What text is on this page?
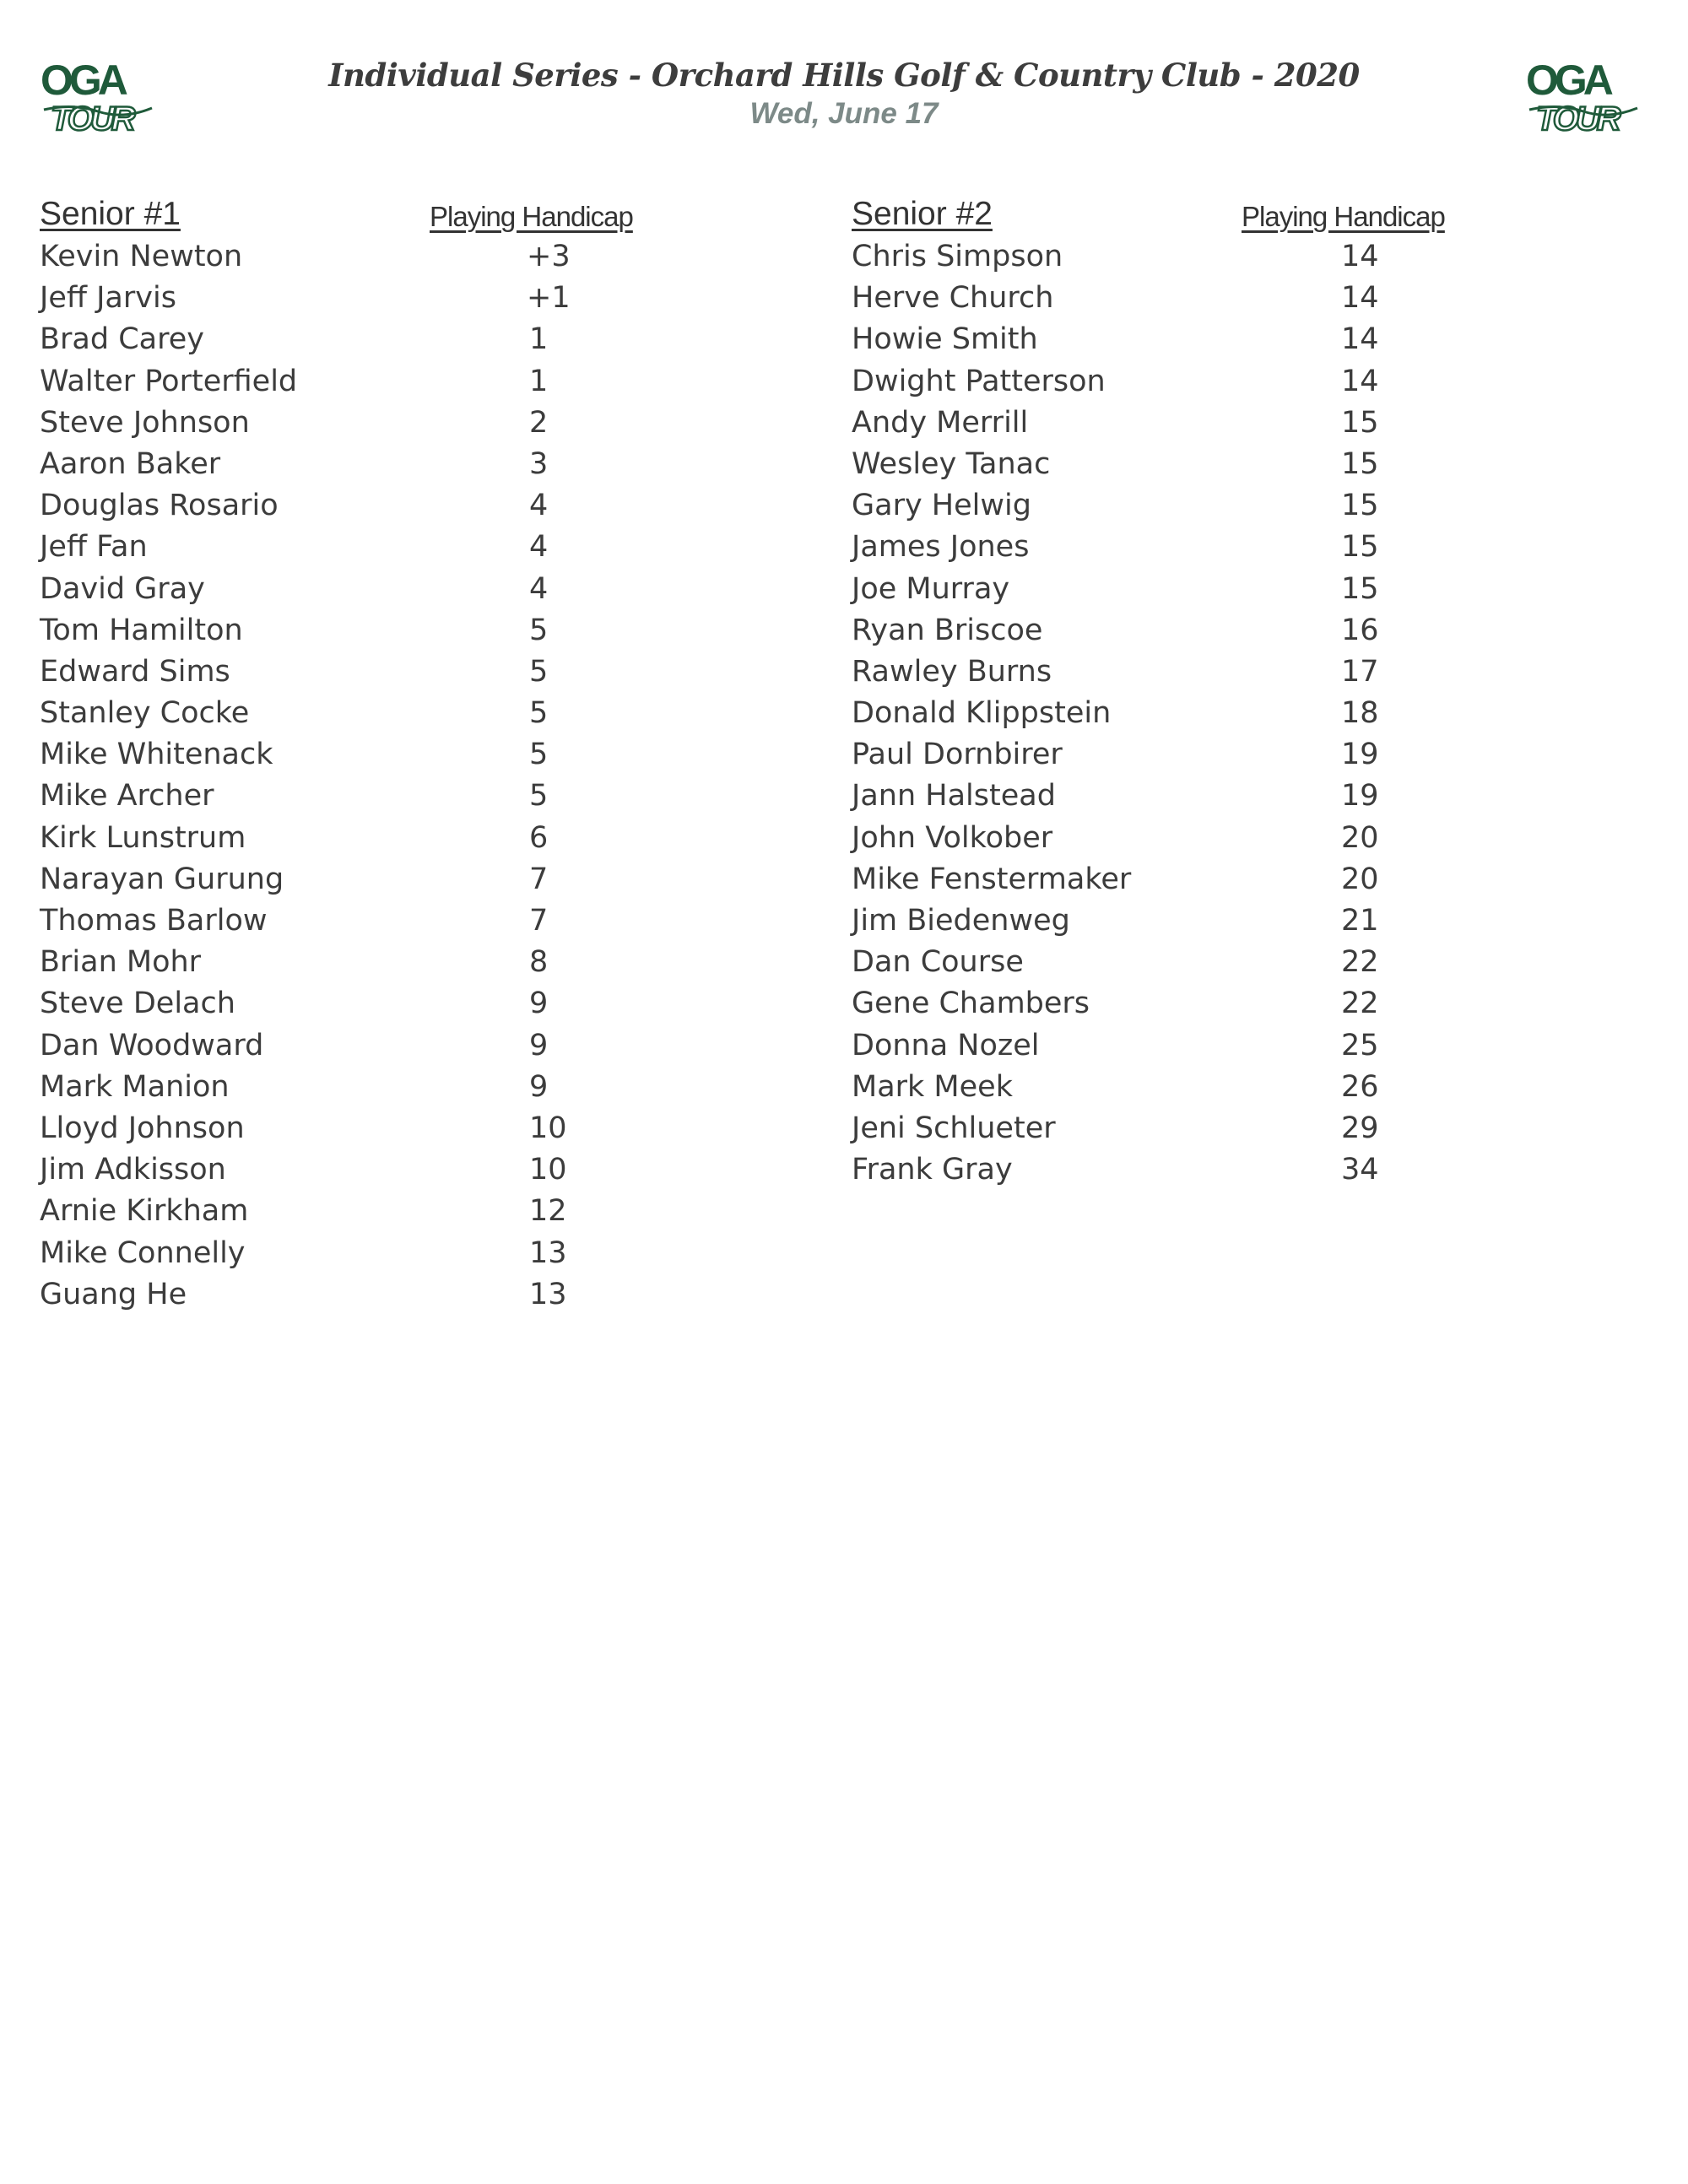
OGA
TOUR
OGA
TOUR
Individual Series - Orchard Hills Golf & Country Club - 2020
Wed, June 17
Senior #1	Playing Handicap
Kevin Newton	+3
Jeff Jarvis	+1
Brad Carey	1
Walter Porterfield	1
Steve Johnson	2
Aaron Baker	3
Douglas Rosario	4
Jeff Fan	4
David Gray	4
Tom Hamilton	5
Edward Sims	5
Stanley Cocke	5
Mike Whitenack	5
Mike Archer	5
Kirk Lunstrum	6
Narayan Gurung	7
Thomas Barlow	7
Brian Mohr	8
Steve Delach	9
Dan Woodward	9
Mark Manion	9
Lloyd Johnson	10
Jim Adkisson	10
Arnie Kirkham	12
Mike Connelly	13
Guang He	13
Senior #2	Playing Handicap
Chris Simpson	14
Herve Church	14
Howie Smith	14
Dwight Patterson	14
Andy Merrill	15
Wesley Tanac	15
Gary Helwig	15
James Jones	15
Joe Murray	15
Ryan Briscoe	16
Rawley Burns	17
Donald Klippstein	18
Paul Dornbirer	19
Jann Halstead	19
John Volkober	20
Mike Fenstermaker	20
Jim Biedenweg	21
Dan Course	22
Gene Chambers	22
Donna Nozel	25
Mark Meek	26
Jeni Schlueter	29
Frank Gray	34
